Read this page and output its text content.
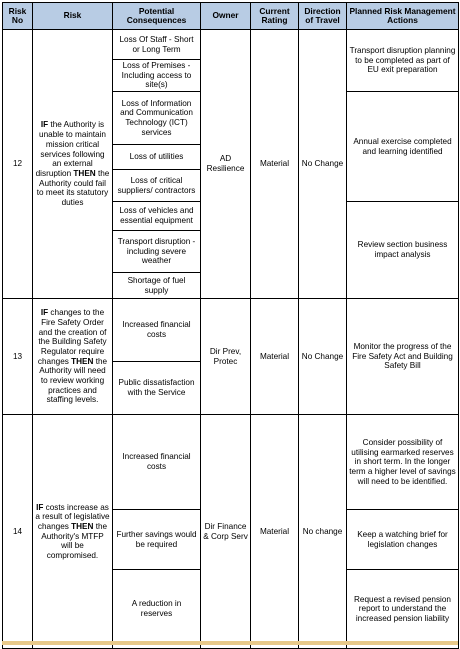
Risk No	Risk	Potential Consequences	Owner	Current Rating	Direction of Travel	Planned Risk Management Actions
12	IF the Authority is unable to maintain mission critical services following an external disruption THEN the Authority could fail to meet its statutory duties	Loss Of Staff - Short or Long Term	AD Resilience	Material	No Change	Transport disruption planning to be completed as part of EU exit preparation
		Loss of Premises - Including access to site(s)				
		Loss of Information and Communication Technology (ICT) services				Annual exercise completed and learning identified
		Loss of utilities				
		Loss of critical suppliers/ contractors				
		Loss of vehicles and essential equipment				Review section business impact analysis
		Transport disruption - including severe weather				
		Shortage of fuel supply				
13	IF changes to the Fire Safety Order and the creation of the Building Safety Regulator require changes THEN the Authority will need to review working practices and staffing levels.	Increased financial costs	Dir Prev, Protec	Material	No Change	Monitor the progress of the Fire Safety Act and Building Safety Bill
		Public dissatisfaction with the Service				
14	IF costs increase as a result of legislative changes THEN the Authority's MTFP will be compromised.	Increased financial costs	Dir Finance & Corp Serv	Material	No change	Consider possibility of utilising earmarked reserves in short term. In the longer term a higher level of savings will need to be identified.
		Further savings would be required				Keep a watching brief for legislation changes
		A reduction in reserves				Request a revised pension report to understand the increased pension liability
